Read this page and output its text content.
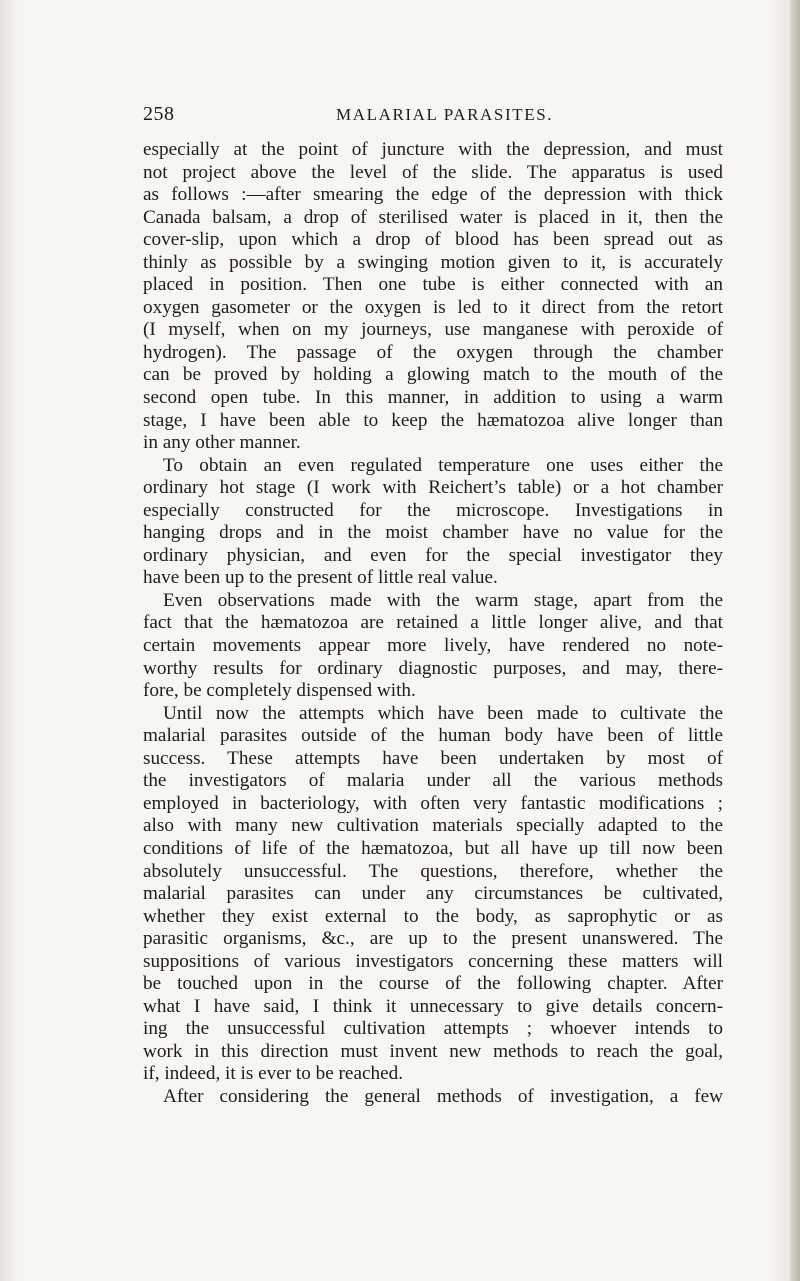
258	MALARIAL PARASITES.
especially at the point of juncture with the depression, and must
not project above the level of the slide. The apparatus is used
as follows :—after smearing the edge of the depression with thick
Canada balsam, a drop of sterilised water is placed in it, then the
cover-slip, upon which a drop of blood has been spread out as
thinly as possible by a swinging motion given to it, is accurately
placed in position. Then one tube is either connected with an
oxygen gasometer or the oxygen is led to it direct from the retort
(I myself, when on my journeys, use manganese with peroxide of
hydrogen). The passage of the oxygen through the chamber
can be proved by holding a glowing match to the mouth of the
second open tube. In this manner, in addition to using a warm
stage, I have been able to keep the hæmatozoa alive longer than
in any other manner.
To obtain an even regulated temperature one uses either the
ordinary hot stage (I work with Reichert’s table) or a hot chamber
especially constructed for the microscope. Investigations in
hanging drops and in the moist chamber have no value for the
ordinary physician, and even for the special investigator they
have been up to the present of little real value.
Even observations made with the warm stage, apart from the
fact that the hæmatozoa are retained a little longer alive, and that
certain movements appear more lively, have rendered no note-
worthy results for ordinary diagnostic purposes, and may, there-
fore, be completely dispensed with.
Until now the attempts which have been made to cultivate the
malarial parasites outside of the human body have been of little
success. These attempts have been undertaken by most of
the investigators of malaria under all the various methods
employed in bacteriology, with often very fantastic modifications ;
also with many new cultivation materials specially adapted to the
conditions of life of the hæmatozoa, but all have up till now been
absolutely unsuccessful. The questions, therefore, whether the
malarial parasites can under any circumstances be cultivated,
whether they exist external to the body, as saprophytic or as
parasitic organisms, &c., are up to the present unanswered. The
suppositions of various investigators concerning these matters will
be touched upon in the course of the following chapter. After
what I have said, I think it unnecessary to give details concern-
ing the unsuccessful cultivation attempts ; whoever intends to
work in this direction must invent new methods to reach the goal,
if, indeed, it is ever to be reached.
After considering the general methods of investigation, a few
